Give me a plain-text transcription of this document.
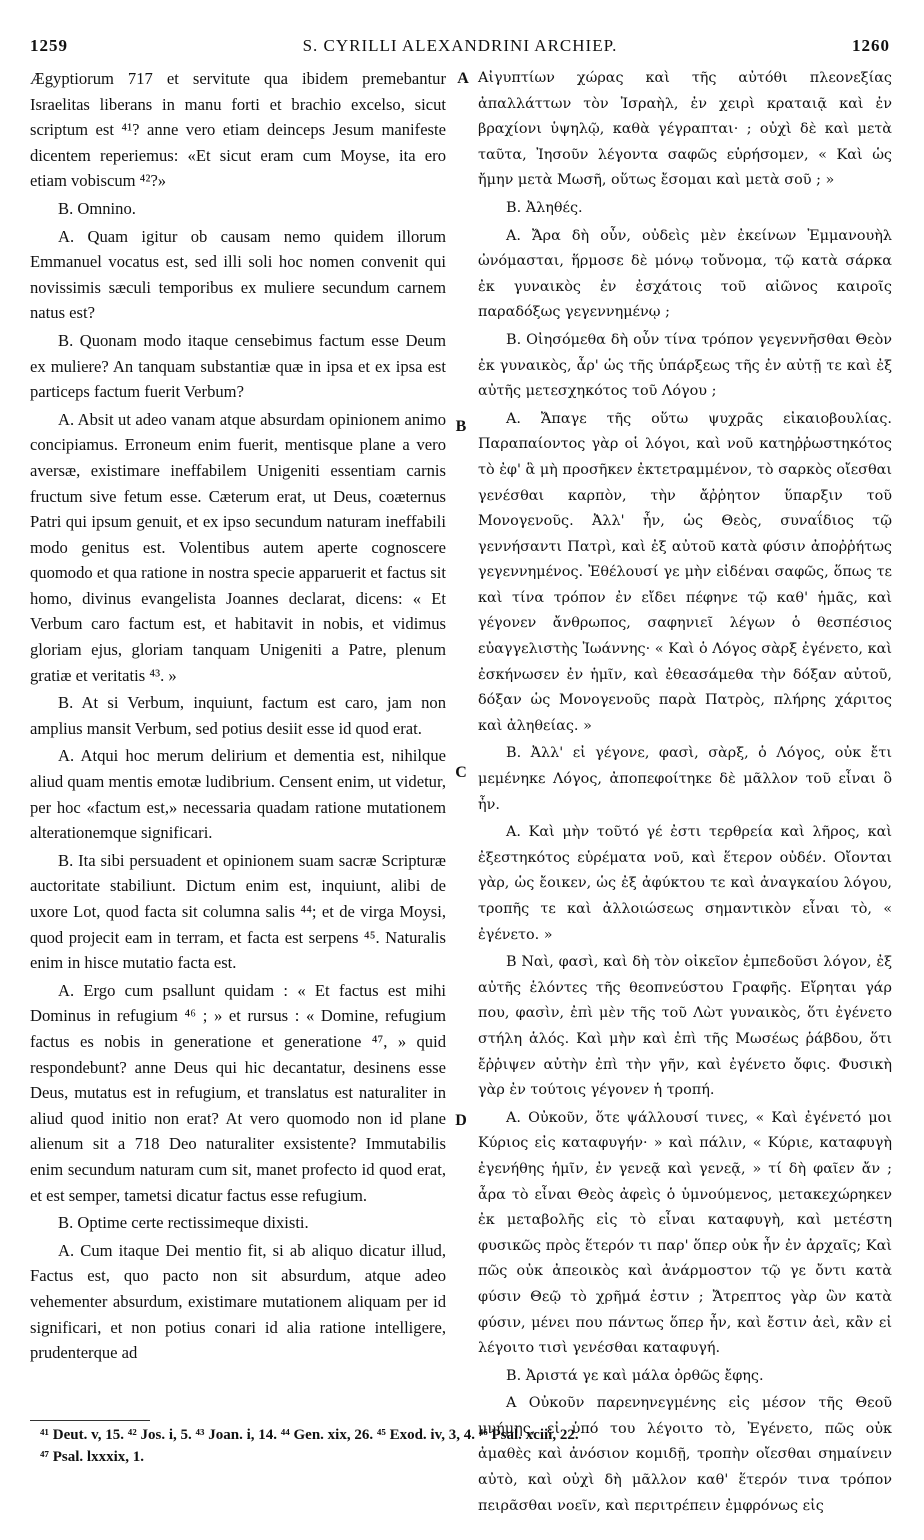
1259	S. CYRILLI ALEXANDRINI ARCHIEP.	1260

Ægyptiorum 717 et servitute qua ibidem premebantur Israelitas liberans in manu forti et brachio excelso, sicut scriptum est ⁴¹? anne vero etiam deinceps Jesum manifeste dicentem reperiemus: «Et sicut eram cum Moyse, ita ero etiam vobiscum ⁴²?»

B. Omnino.

A. Quam igitur ob causam nemo quidem illorum Emmanuel vocatus est, sed illi soli hoc nomen convenit qui novissimis sæculi temporibus ex muliere secundum carnem natus est?

B. Quonam modo itaque censebimus factum esse Deum ex muliere? An tanquam substantiæ quæ in ipsa et ex ipsa est particeps factum fuerit Verbum?

A. Absit ut adeo vanam atque absurdam opinionem animo concipiamus. Erroneum enim fuerit, mentisque plane a vero aversæ, existimare ineffabilem Unigeniti essentiam carnis fructum sive fetum esse. Cæterum erat, ut Deus, coæternus Patri qui ipsum genuit, et ex ipso secundum naturam ineffabili modo genitus est. Volentibus autem aperte cognoscere quomodo et qua ratione in nostra specie apparuerit et factus sit homo, divinus evangelista Joannes declarat, dicens: « Et Verbum caro factum est, et habitavit in nobis, et vidimus gloriam ejus, gloriam tanquam Unigeniti a Patre, plenum gratiæ et veritatis ⁴³. »

B. At si Verbum, inquiunt, factum est caro, jam non amplius mansit Verbum, sed potius desiit esse id quod erat.

A. Atqui hoc merum delirium et dementia est, nihilque aliud quam mentis emotæ ludibrium. Censent enim, ut videtur, per hoc «factum est,» necessaria quadam ratione mutationem alterationemque significari.

B. Ita sibi persuadent et opinionem suam sacræ Scripturæ auctoritate stabiliunt. Dictum enim est, inquiunt, alibi de uxore Lot, quod facta sit columna salis ⁴⁴; et de virga Moysi, quod projecit eam in terram, et facta est serpens ⁴⁵. Naturalis enim in hisce mutatio facta est.

A. Ergo cum psallunt quidam : « Et factus est mihi Dominus in refugium ⁴⁶ ; » et rursus : « Domine, refugium factus es nobis in generatione et generatione ⁴⁷, » quid respondebunt? anne Deus qui hic decantatur, desinens esse Deus, mutatus est in refugium, et translatus est naturaliter in aliud quod initio non erat? At vero quomodo non id plane alienum sit a 718 Deo naturaliter exsistente? Immutabilis enim secundum naturam cum sit, manet profecto id quod erat, et est semper, tametsi dicatur factus esse refugium.

B. Optime certe rectissimeque dixisti.

A. Cum itaque Dei mentio fit, si ab aliquo dicatur illud, Factus est, quo pacto non sit absurdum, atque adeo vehementer absurdum, existimare mutationem aliquam per id significari, et non potius conari id alia ratione intelligere, prudenterque ad

A
B
C
D

Αἰγυπτίων χώρας καὶ τῆς αὐτόθι πλεονεξίας ἀπαλλάττων τὸν Ἰσραὴλ, ἐν χειρὶ κραταιᾷ καὶ ἐν βραχίονι ὑψηλῷ, καθὰ γέγραπται· ; οὐχὶ δὲ καὶ μετὰ ταῦτα, Ἰησοῦν λέγοντα σαφῶς εὑρήσομεν, « Καὶ ὡς ἤμην μετὰ Μωσῆ, οὕτως ἔσομαι καὶ μετὰ σοῦ ; »

B. Ἀληθές.

A. Ἄρα δὴ οὖν, οὐδεὶς μὲν ἐκείνων Ἐμμανουὴλ ὠνόμασται, ἥρμοσε δὲ μόνῳ τοὔνομα, τῷ κατὰ σάρκα ἐκ γυναικὸς ἐν ἐσχάτοις τοῦ αἰῶνος καιροῖς παραδόξως γεγεννημένῳ ;

B. Οἰησόμεθα δὴ οὖν τίνα τρόπον γεγεννῆσθαι Θεὸν ἐκ γυναικὸς, ἆρ' ὡς τῆς ὑπάρξεως τῆς ἐν αὐτῇ τε καὶ ἐξ αὐτῆς μετεσχηκότος τοῦ Λόγου ;

A. Ἄπαγε τῆς οὕτω ψυχρᾶς εἰκαιοβουλίας. Παραπαίοντος γὰρ οἱ λόγοι, καὶ νοῦ κατηῤῥωστηκότος τὸ ἐφ' ἃ μὴ προσῆκεν ἐκτετραμμένον, τὸ σαρκὸς οἴεσθαι γενέσθαι καρπὸν, τὴν ἄῤῥητον ὕπαρξιν τοῦ Μονογενοῦς. Ἀλλ' ἦν, ὡς Θεὸς, συναΐδιος τῷ γεννήσαντι Πατρὶ, καὶ ἐξ αὐτοῦ κατὰ φύσιν ἀποῤῥήτως γεγεννημένος. Ἐθέλουσί γε μὴν εἰδέναι σαφῶς, ὅπως τε καὶ τίνα τρόπον ἐν εἴδει πέφηνε τῷ καθ' ἡμᾶς, καὶ γέγονεν ἄνθρωπος, σαφηνιεῖ λέγων ὁ θεσπέσιος εὐαγγελιστὴς Ἰωάννης· « Καὶ ὁ Λόγος σὰρξ ἐγένετο, καὶ ἐσκήνωσεν ἐν ἡμῖν, καὶ ἐθεασάμεθα τὴν δόξαν αὐτοῦ, δόξαν ὡς Μονογενοῦς παρὰ Πατρὸς, πλήρης χάριτος καὶ ἀληθείας. »

B. Ἀλλ' εἰ γέγονε, φασὶ, σὰρξ, ὁ Λόγος, οὐκ ἔτι μεμένηκε Λόγος, ἀποπεφοίτηκε δὲ μᾶλλον τοῦ εἶναι ὃ ἦν.

A. Καὶ μὴν τοῦτό γέ ἐστι τερθρεία καὶ λῆρος, καὶ ἐξεστηκότος εὑρέματα νοῦ, καὶ ἕτερον οὐδέν. Οἴονται γὰρ, ὡς ἔοικεν, ὡς ἐξ ἀφύκτου τε καὶ ἀναγκαίου λόγου, τροπῆς τε καὶ ἀλλοιώσεως σημαντικὸν εἶναι τὸ, « ἐγένετο. »

B Ναὶ, φασὶ, καὶ δὴ τὸν οἰκεῖον ἐμπεδοῦσι λόγον, ἐξ αὐτῆς ἑλόντες τῆς θεοπνεύστου Γραφῆς. Εἴρηται γάρ που, φασὶν, ἐπὶ μὲν τῆς τοῦ Λὼτ γυναικὸς, ὅτι ἐγένετο στήλη ἁλός. Καὶ μὴν καὶ ἐπὶ τῆς Μωσέως ῥάβδου, ὅτι ἔῤῥιψεν αὐτὴν ἐπὶ τὴν γῆν, καὶ ἐγένετο ὄφις. Φυσικὴ γὰρ ἐν τούτοις γέγονεν ἡ τροπή.

A. Οὐκοῦν, ὅτε ψάλλουσί τινες, « Καὶ ἐγένετό μοι Κύριος εἰς καταφυγήν· » καὶ πάλιν, « Κύριε, καταφυγὴ ἐγενήθης ἡμῖν, ἐν γενεᾷ καὶ γενεᾷ, » τί δὴ φαῖεν ἄν ; ἆρα τὸ εἶναι Θεὸς ἀφεὶς ὁ ὑμνούμενος, μετακεχώρηκεν ἐκ μεταβολῆς εἰς τὸ εἶναι καταφυγὴ, καὶ μετέστη φυσικῶς πρὸς ἕτερόν τι παρ' ὅπερ οὐκ ἦν ἐν ἀρχαῖς; Καὶ πῶς οὐκ ἀπεοικὸς καὶ ἀνάρμοστον τῷ γε ὄντι κατὰ φύσιν Θεῷ τὸ χρῆμά ἐστιν ; Ἄτρεπτος γὰρ ὢν κατὰ φύσιν, μένει που πάντως ὅπερ ἦν, καὶ ἔστιν ἀεὶ, κἂν εἰ λέγοιτο τισὶ γενέσθαι καταφυγή.

B. Ἀριστά γε καὶ μάλα ὀρθῶς ἔφης.

A Οὐκοῦν παρενηνεγμένης εἰς μέσον τῆς Θεοῦ μνήμης, εἰ ὑπό του λέγοιτο τὸ, Ἐγένετο, πῶς οὐκ ἀμαθὲς καὶ ἀνόσιον κομιδῇ, τροπὴν οἴεσθαι σημαίνειν αὐτὸ, καὶ οὐχὶ δὴ μᾶλλον καθ' ἕτερόν τινα τρόπον πειρᾶσθαι νοεῖν, καὶ περιτρέπειν ἐμφρόνως εἰς

⁴¹ Deut. v, 15. ⁴² Jos. i, 5. ⁴³ Joan. i, 14. ⁴⁴ Gen. xix, 26. ⁴⁵ Exod. iv, 3, 4. ⁴⁶ Psal. xciii, 22.
⁴⁷ Psal. lxxxix, 1.
